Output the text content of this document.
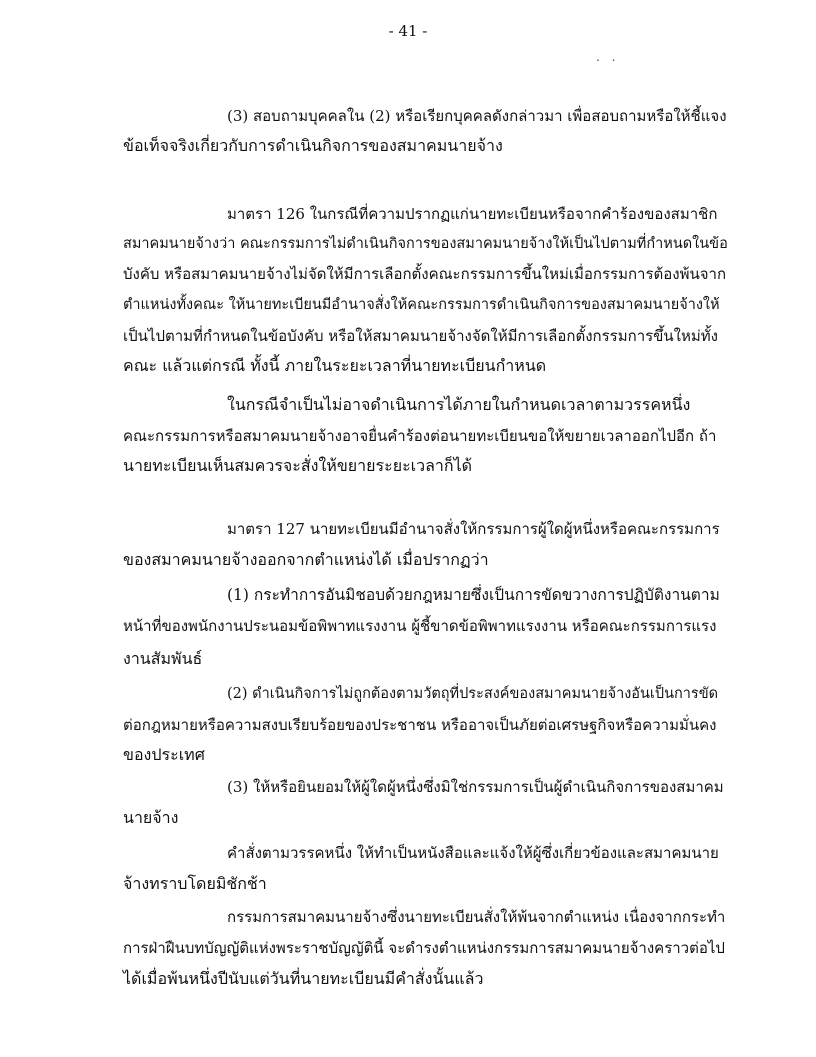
- 41 -
. .
(3) สอบถามบุคคลใน (2) หรือเรียกบุคคลดังกล่าวมา เพื่อสอบถามหรือให้ชี้แจง
ข้อเท็จจริงเกี่ยวกับการดำเนินกิจการของสมาคมนายจ้าง
มาตรา 126 ในกรณีที่ความปรากฏแก่นายทะเบียนหรือจากคำร้องของสมาชิก
สมาคมนายจ้างว่า คณะกรรมการไม่ดำเนินกิจการของสมาคมนายจ้างให้เป็นไปตามที่กำหนดในข้อ
บังคับ หรือสมาคมนายจ้างไม่จัดให้มีการเลือกตั้งคณะกรรมการขึ้นใหม่เมื่อกรรมการต้องพ้นจาก
ตำแหน่งทั้งคณะ ให้นายทะเบียนมีอำนาจสั่งให้คณะกรรมการดำเนินกิจการของสมาคมนายจ้างให้
เป็นไปตามที่กำหนดในข้อบังคับ หรือให้สมาคมนายจ้างจัดให้มีการเลือกตั้งกรรมการขึ้นใหม่ทั้ง
คณะ แล้วแต่กรณี ทั้งนี้ ภายในระยะเวลาที่นายทะเบียนกำหนด
ในกรณีจำเป็นไม่อาจดำเนินการได้ภายในกำหนดเวลาตามวรรคหนึ่ง
คณะกรรมการหรือสมาคมนายจ้างอาจยื่นคำร้องต่อนายทะเบียนขอให้ขยายเวลาออกไปอีก ถ้า
นายทะเบียนเห็นสมควรจะสั่งให้ขยายระยะเวลาก็ได้
มาตรา 127 นายทะเบียนมีอำนาจสั่งให้กรรมการผู้ใดผู้หนึ่งหรือคณะกรรมการ
ของสมาคมนายจ้างออกจากตำแหน่งได้ เมื่อปรากฏว่า
(1) กระทำการอันมิชอบด้วยกฎหมายซึ่งเป็นการขัดขวางการปฏิบัติงานตาม
หน้าที่ของพนักงานประนอมข้อพิพาทแรงงาน ผู้ชี้ขาดข้อพิพาทแรงงาน หรือคณะกรรมการแรง
งานสัมพันธ์
(2) ดำเนินกิจการไม่ถูกต้องตามวัตถุที่ประสงค์ของสมาคมนายจ้างอันเป็นการขัด
ต่อกฎหมายหรือความสงบเรียบร้อยของประชาชน หรืออาจเป็นภัยต่อเศรษฐกิจหรือความมั่นคง
ของประเทศ
(3) ให้หรือยินยอมให้ผู้ใดผู้หนึ่งซึ่งมิใช่กรรมการเป็นผู้ดำเนินกิจการของสมาคม
นายจ้าง
คำสั่งตามวรรคหนึ่ง ให้ทำเป็นหนังสือและแจ้งให้ผู้ซึ่งเกี่ยวข้องและสมาคมนาย
จ้างทราบโดยมิชักช้า
กรรมการสมาคมนายจ้างซึ่งนายทะเบียนสั่งให้พ้นจากตำแหน่ง เนื่องจากกระทำ
การฝ่าฝืนบทบัญญัติแห่งพระราชบัญญัตินี้ จะดำรงตำแหน่งกรรมการสมาคมนายจ้างคราวต่อไป
ได้เมื่อพ้นหนึ่งปีนับแต่วันที่นายทะเบียนมีคำสั่งนั้นแล้ว
